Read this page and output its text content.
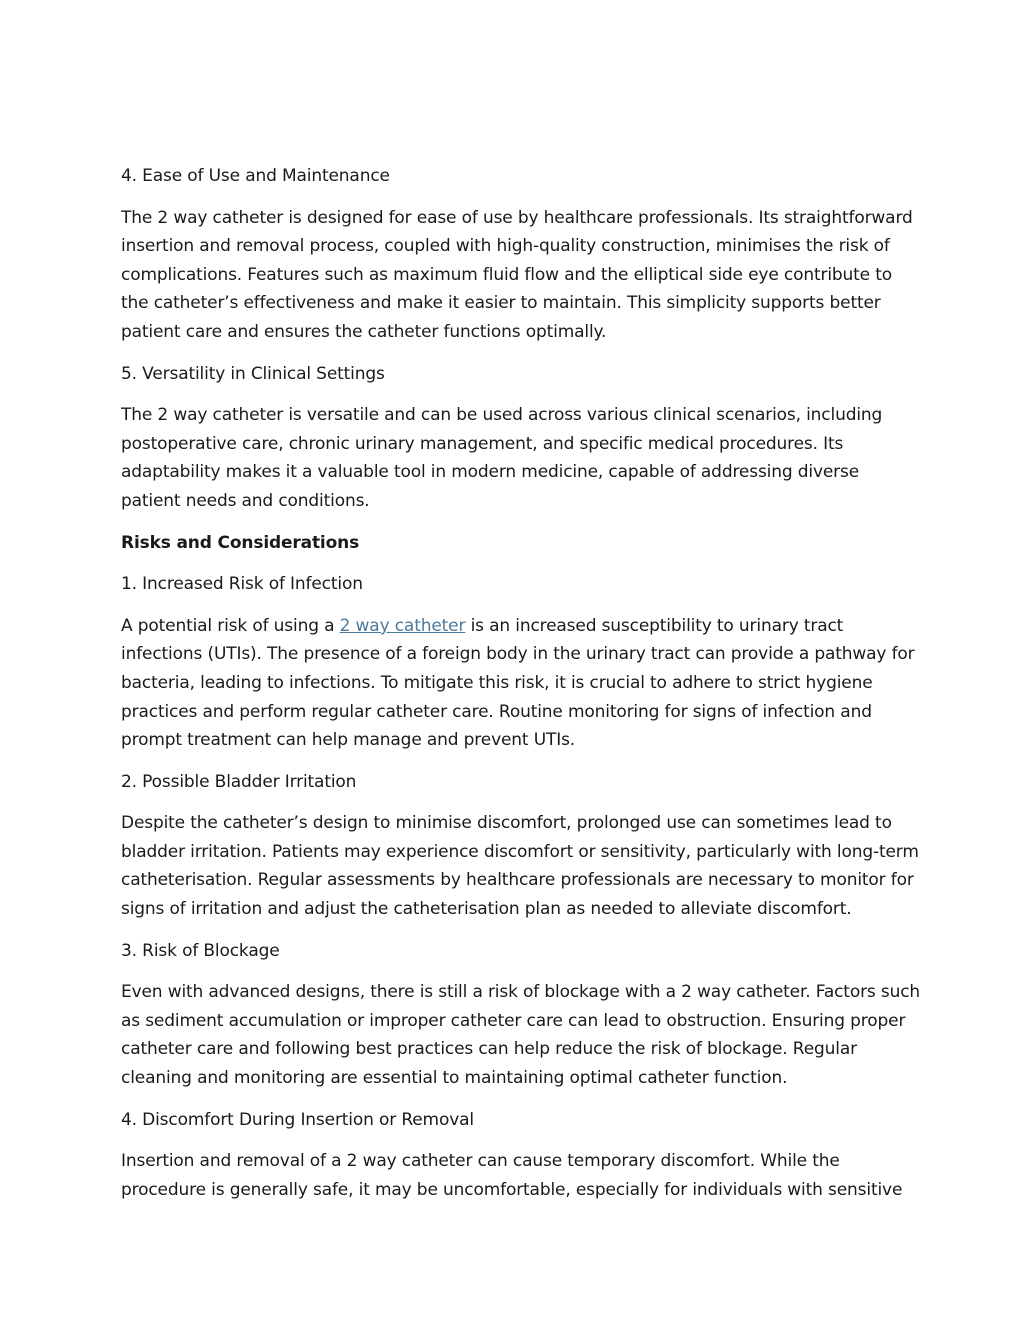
4. Ease of Use and Maintenance

The 2 way catheter is designed for ease of use by healthcare professionals. Its straightforward insertion and removal process, coupled with high-quality construction, minimises the risk of complications. Features such as maximum fluid flow and the elliptical side eye contribute to the catheter’s effectiveness and make it easier to maintain. This simplicity supports better patient care and ensures the catheter functions optimally.

5. Versatility in Clinical Settings

The 2 way catheter is versatile and can be used across various clinical scenarios, including postoperative care, chronic urinary management, and specific medical procedures. Its adaptability makes it a valuable tool in modern medicine, capable of addressing diverse patient needs and conditions.

Risks and Considerations

1. Increased Risk of Infection

A potential risk of using a 2 way catheter is an increased susceptibility to urinary tract infections (UTIs). The presence of a foreign body in the urinary tract can provide a pathway for bacteria, leading to infections. To mitigate this risk, it is crucial to adhere to strict hygiene practices and perform regular catheter care. Routine monitoring for signs of infection and prompt treatment can help manage and prevent UTIs.

2. Possible Bladder Irritation

Despite the catheter’s design to minimise discomfort, prolonged use can sometimes lead to bladder irritation. Patients may experience discomfort or sensitivity, particularly with long-term catheterisation. Regular assessments by healthcare professionals are necessary to monitor for signs of irritation and adjust the catheterisation plan as needed to alleviate discomfort.

3. Risk of Blockage

Even with advanced designs, there is still a risk of blockage with a 2 way catheter. Factors such as sediment accumulation or improper catheter care can lead to obstruction. Ensuring proper catheter care and following best practices can help reduce the risk of blockage. Regular cleaning and monitoring are essential to maintaining optimal catheter function.

4. Discomfort During Insertion or Removal

Insertion and removal of a 2 way catheter can cause temporary discomfort. While the procedure is generally safe, it may be uncomfortable, especially for individuals with sensitive
